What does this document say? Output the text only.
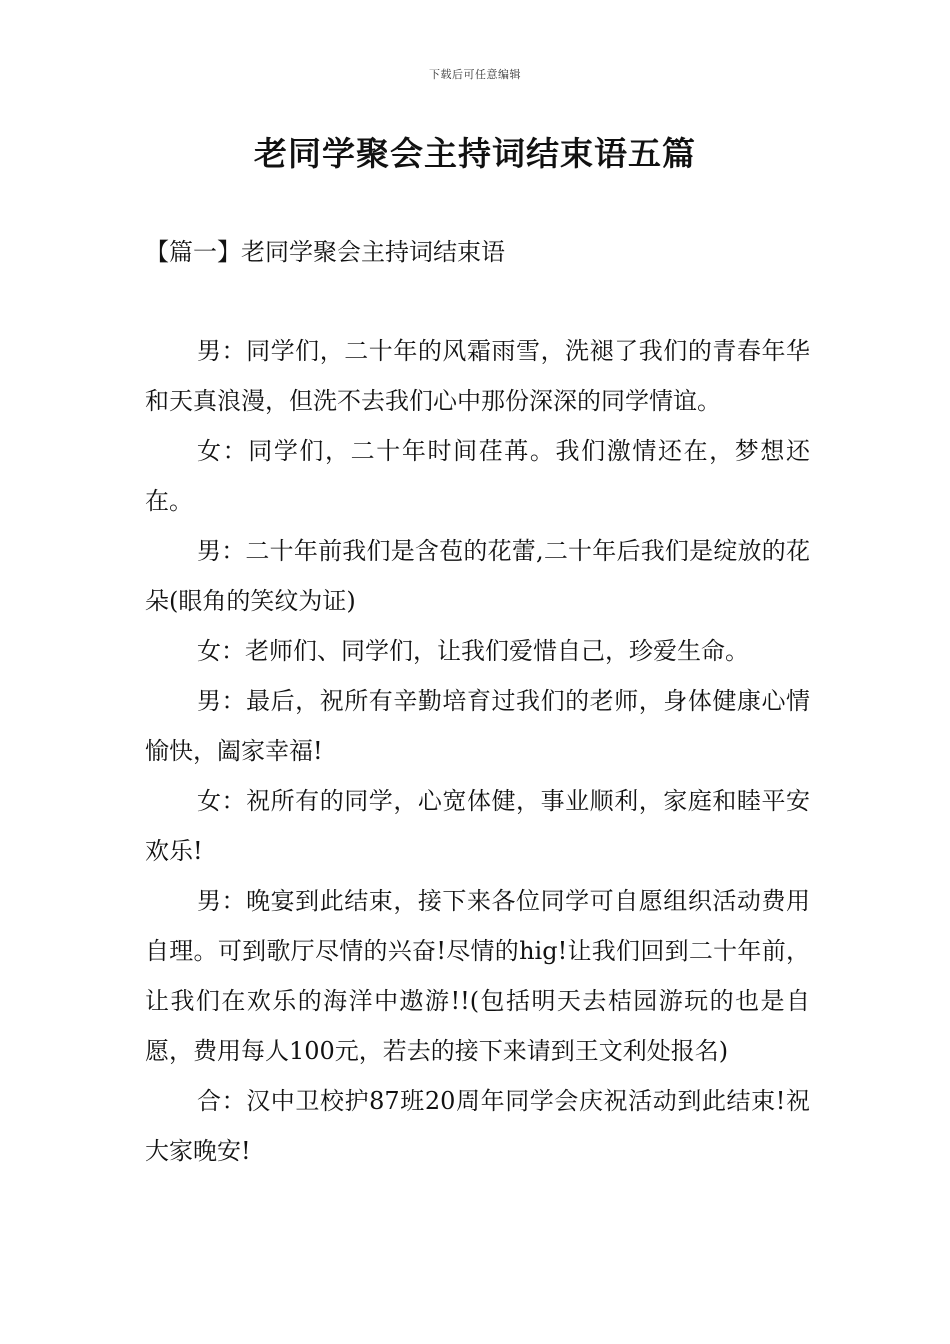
下载后可任意编辑
老同学聚会主持词结束语五篇
【篇一】老同学聚会主持词结束语

男：同学们，二十年的风霜雨雪，洗褪了我们的青春年华和天真浪漫，但洗不去我们心中那份深深的同学情谊。

女：同学们，二十年时间荏苒。我们激情还在，梦想还在。

男：二十年前我们是含苞的花蕾,二十年后我们是绽放的花朵(眼角的笑纹为证)

女：老师们、同学们，让我们爱惜自己，珍爱生命。

男：最后，祝所有辛勤培育过我们的老师，身体健康心情愉快，阖家幸福!

女：祝所有的同学，心宽体健，事业顺利，家庭和睦平安欢乐!

男：晚宴到此结束，接下来各位同学可自愿组织活动费用自理。可到歌厅尽情的兴奋!尽情的hig!让我们回到二十年前，让我们在欢乐的海洋中遨游!!(包括明天去桔园游玩的也是自愿，费用每人100元，若去的接下来请到王文利处报名)

合：汉中卫校护87班20周年同学会庆祝活动到此结束!祝大家晚安!
